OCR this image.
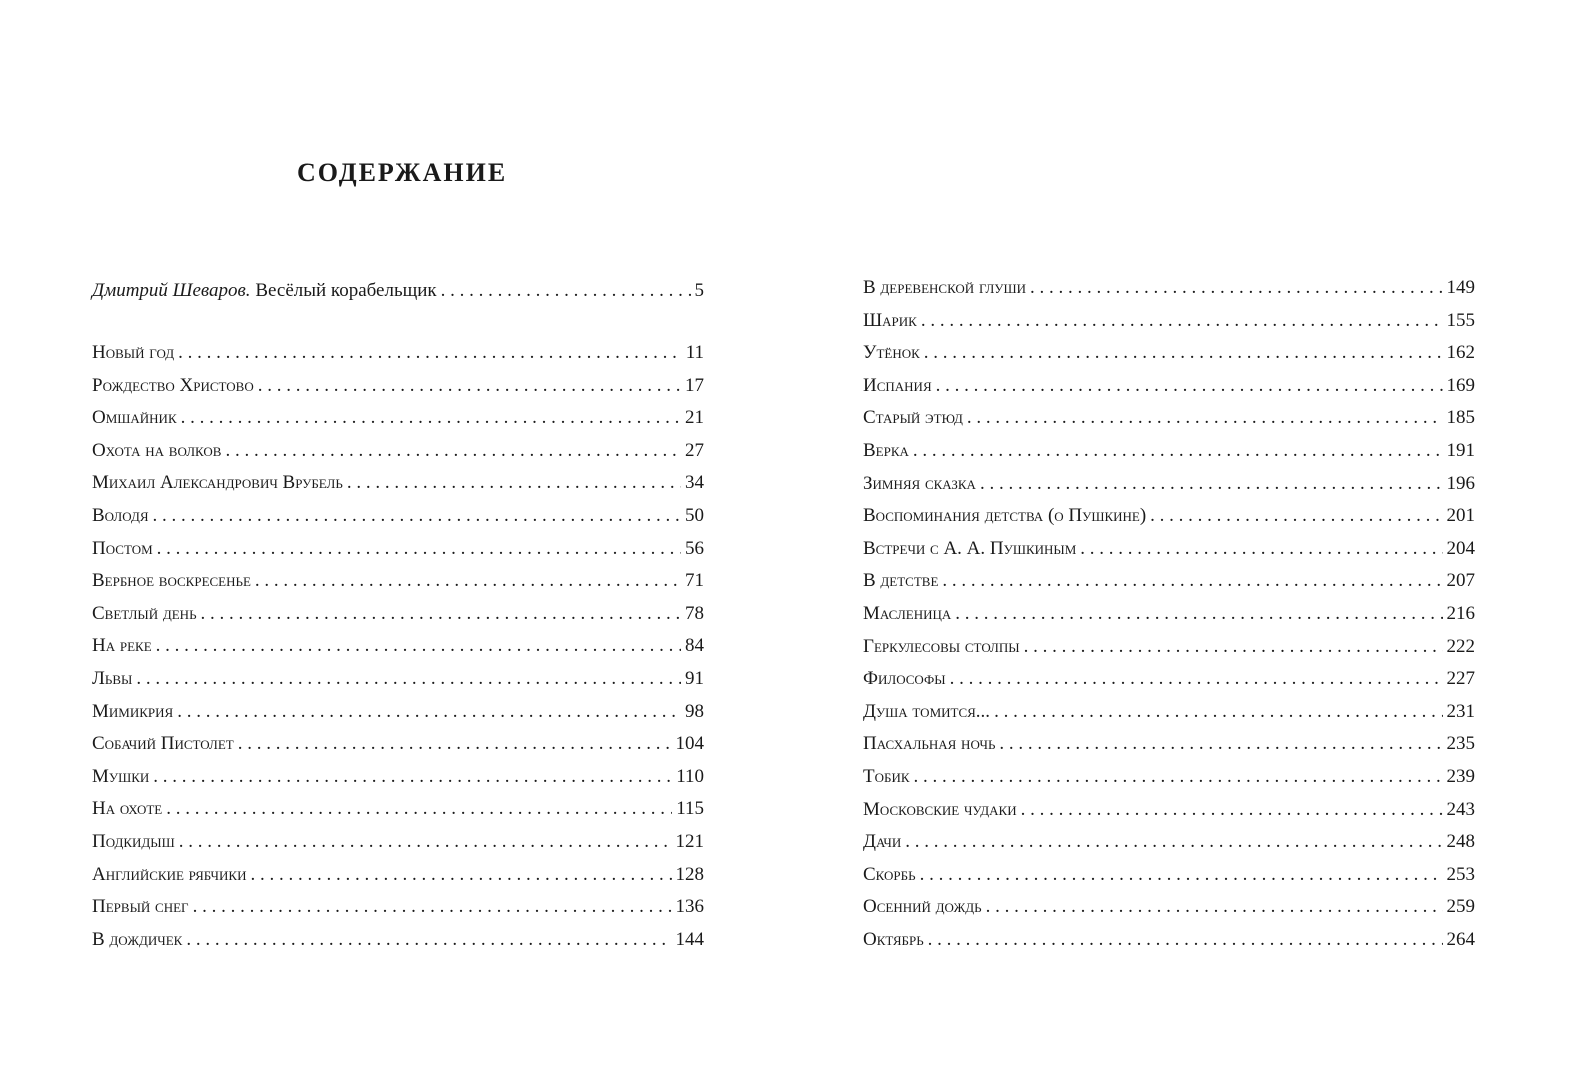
СОДЕРЖАНИЕ
Дмитрий Шеваров. Весёлый корабельщик . . .	5
Новый год . . .	11
Рождество Христово . . .	17
Омшайник . . .	21
Охота на волков . . .	27
Михаил Александрович Врубель . . .	34
Володя . . .	50
Постом . . .	56
Вербное воскресенье . . .	71
Светлый день . . .	78
На реке . . .	84
Львы . . .	91
Мимикрия . . .	98
Собачий Пистолет . . .	104
Мушки . . .	110
На охоте . . .	115
Подкидыш . . .	121
Английские рябчики . . .	128
Первый снег . . .	136
В дождичек . . .	144
В деревенской глуши . . .	149
Шарик . . .	155
Утёнок . . .	162
Испания . . .	169
Старый этюд . . .	185
Верка . . .	191
Зимняя сказка . . .	196
Воспоминания детства (о Пушкине) . . .	201
Встречи с А. А. Пушкиным . . .	204
В детстве . . .	207
Масленица . . .	216
Геркулесовы столпы . . .	222
Философы . . .	227
Душа томится... . . .	231
Пасхальная ночь . . .	235
Тобик . . .	239
Московские чудаки . . .	243
Дачи . . .	248
Скорбь . . .	253
Осенний дождь . . .	259
Октябрь . . .	264
